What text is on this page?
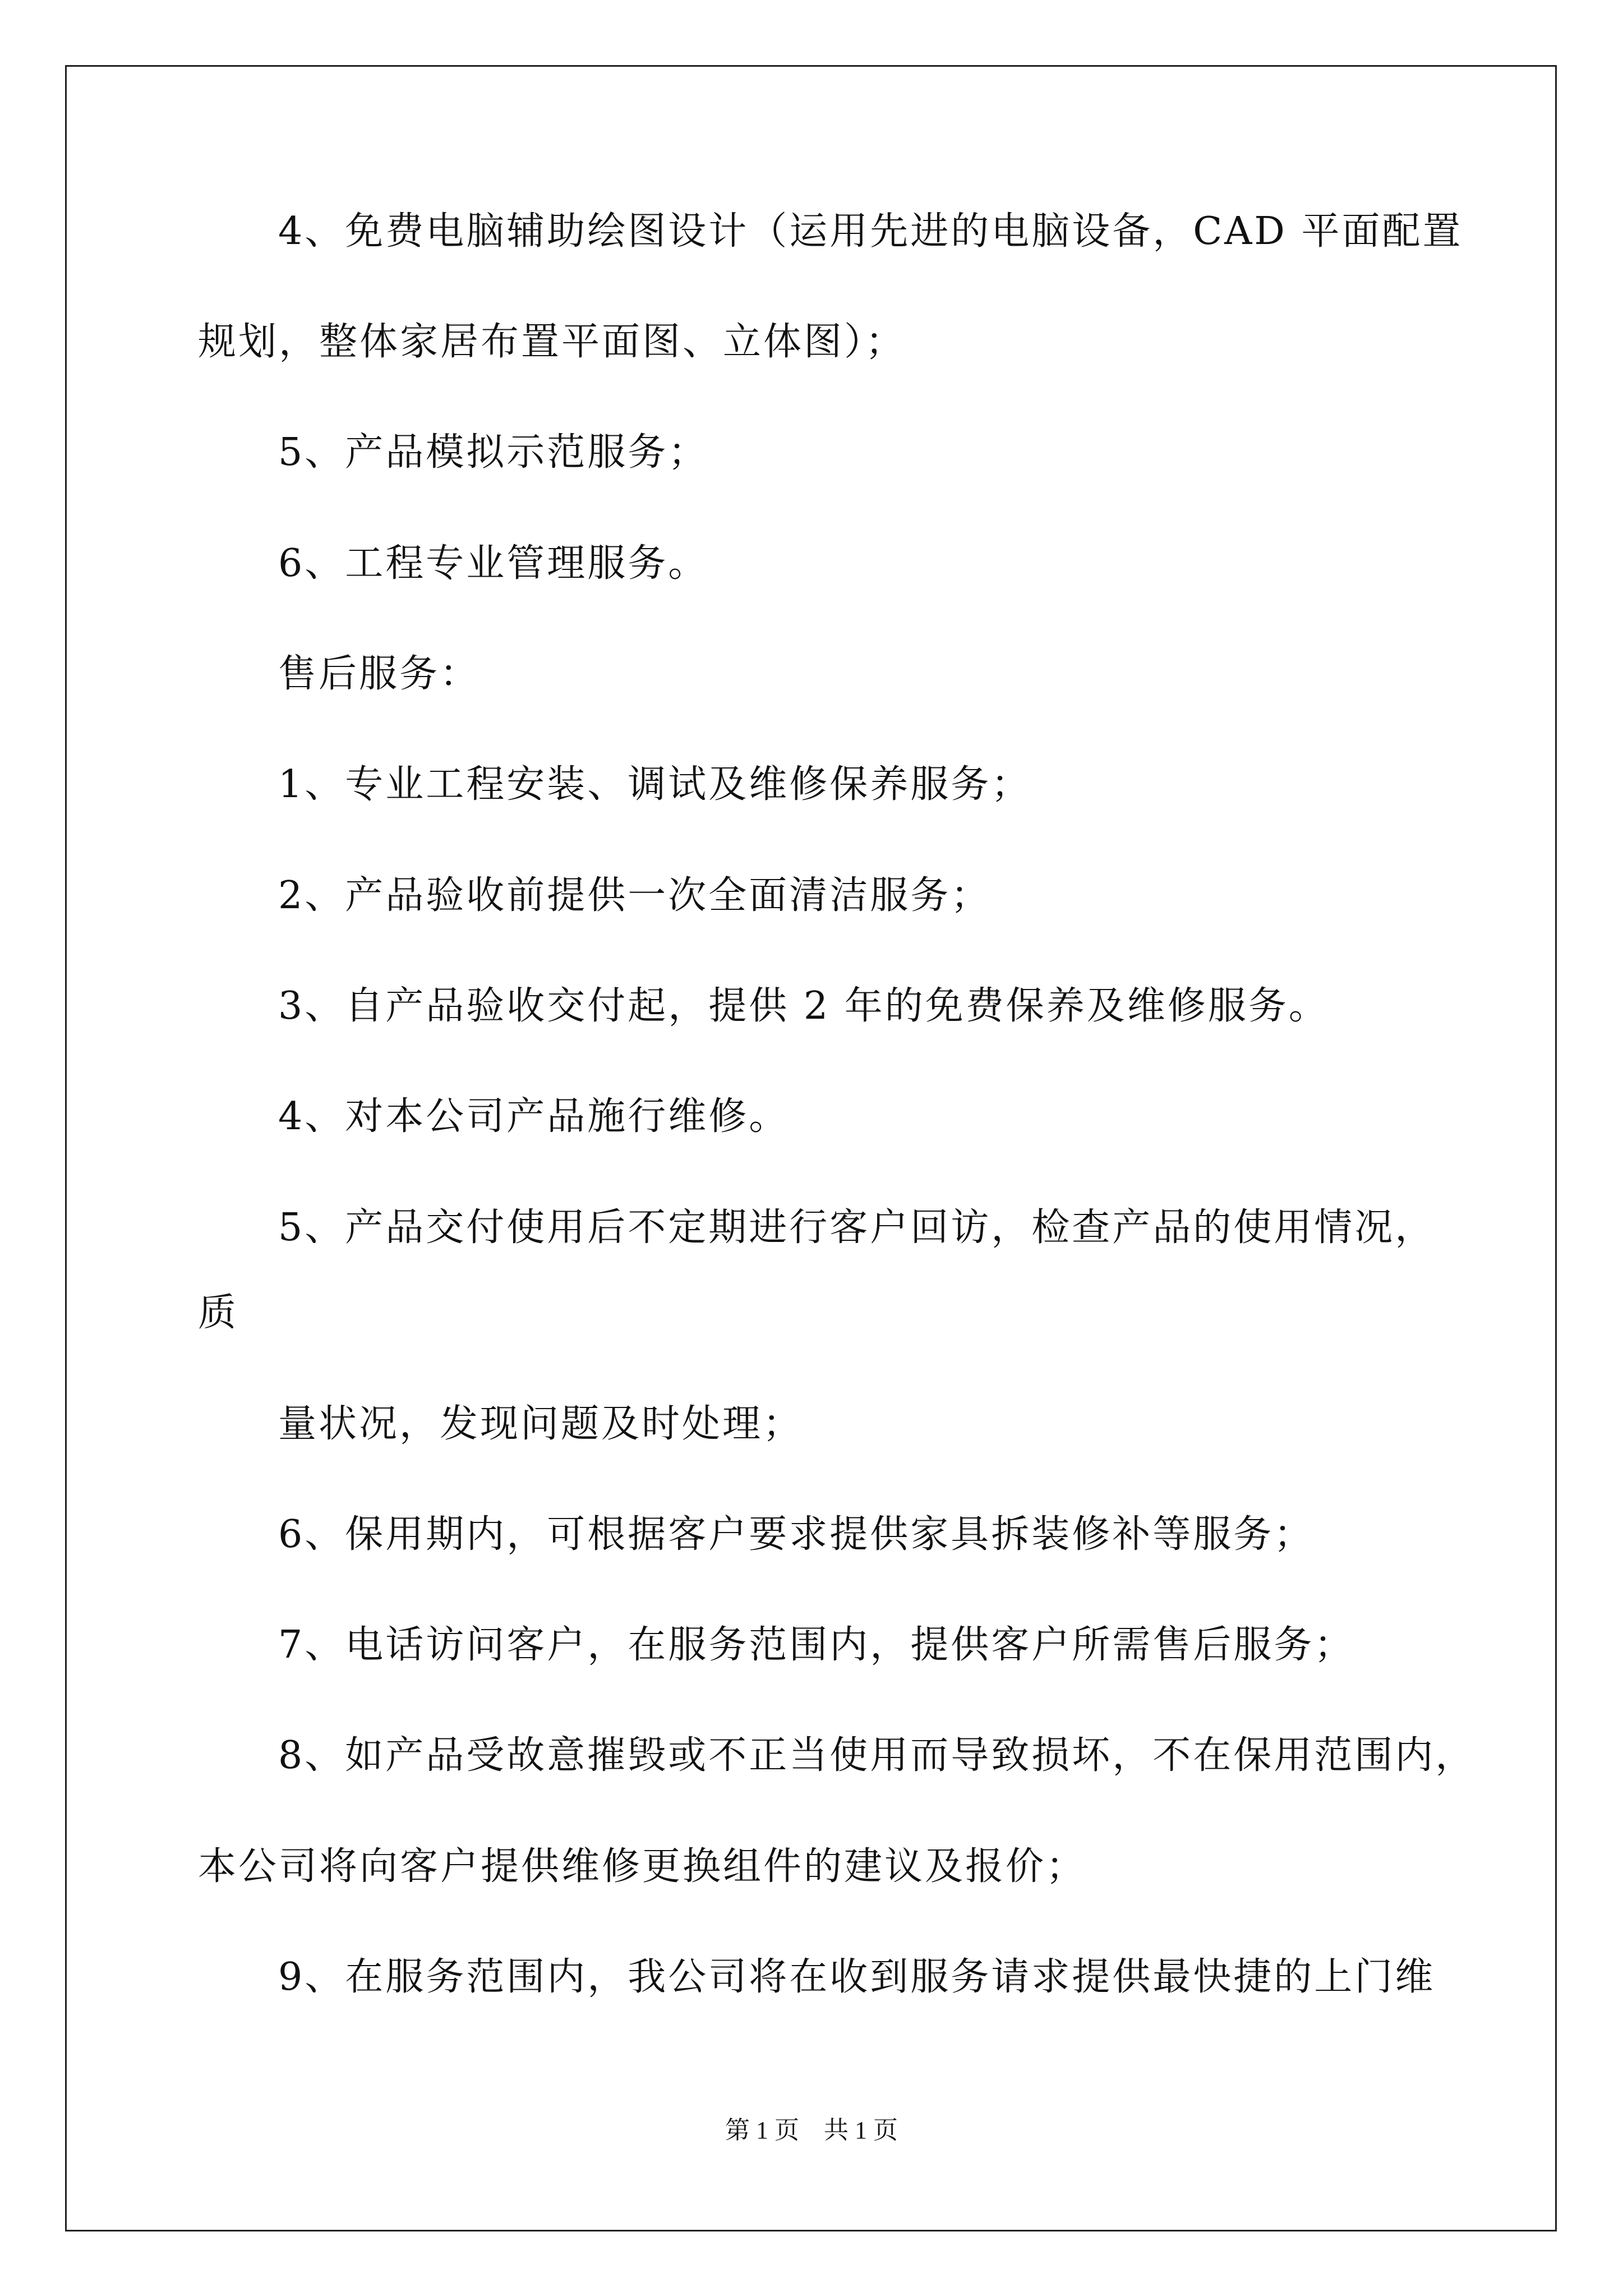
4、免费电脑辅助绘图设计（运用先进的电脑设备，CAD 平面配置
规划，整体家居布置平面图、立体图）；
5、产品模拟示范服务；
6、工程专业管理服务。
售后服务：
1、专业工程安装、调试及维修保养服务；
2、产品验收前提供一次全面清洁服务；
3、自产品验收交付起，提供 2 年的免费保养及维修服务。
4、对本公司产品施行维修。
5、产品交付使用后不定期进行客户回访，检查产品的使用情况，
质
量状况，发现问题及时处理；
6、保用期内，可根据客户要求提供家具拆装修补等服务；
7、电话访问客户，在服务范围内，提供客户所需售后服务；
8、如产品受故意摧毁或不正当使用而导致损坏，不在保用范围内，
本公司将向客户提供维修更换组件的建议及报价；
9、在服务范围内，我公司将在收到服务请求提供最快捷的上门维
第 1 页　共 1 页
